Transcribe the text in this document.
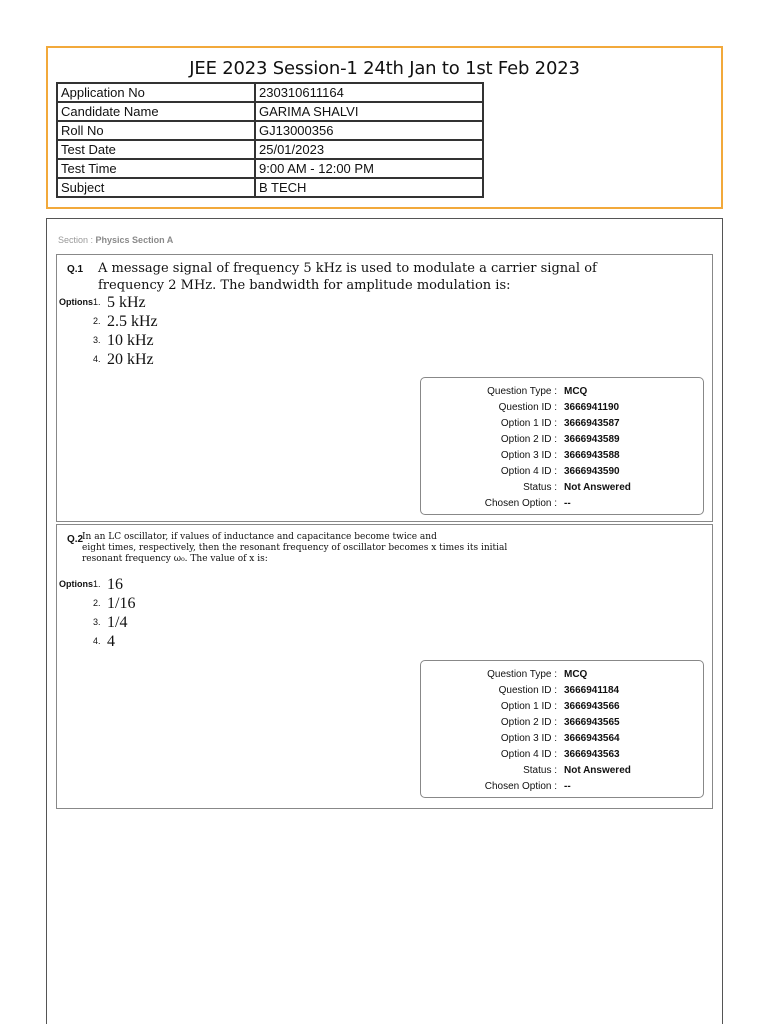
JEE 2023 Session-1 24th Jan to 1st Feb 2023
Application No	230310611164
Candidate Name	GARIMA SHALVI
Roll No	GJ13000356
Test Date	25/01/2023
Test Time	9:00 AM - 12:00 PM
Subject	B TECH
Section : Physics Section A
Q.1 A message signal of frequency 5 kHz is used to modulate a carrier signal of
frequency 2 MHz. The bandwidth for amplitude modulation is:
Options 1. 5 kHz
2. 2.5 kHz
3. 10 kHz
4. 20 kHz
Question Type : MCQ
Question ID : 3666941190
Option 1 ID : 3666943587
Option 2 ID : 3666943589
Option 3 ID : 3666943588
Option 4 ID : 3666943590
Status : Not Answered
Chosen Option : --
Q.2
In an LC oscillator, if values of inductance and capacitance become twice and
eight times, respectively, then the resonant frequency of oscillator becomes x times its initial
resonant frequency ω₀. The value of x is:
Options 1. 16
2. 1/16
3. 1/4
4. 4
Question Type : MCQ
Question ID : 3666941184
Option 1 ID : 3666943566
Option 2 ID : 3666943565
Option 3 ID : 3666943564
Option 4 ID : 3666943563
Status : Not Answered
Chosen Option : --
